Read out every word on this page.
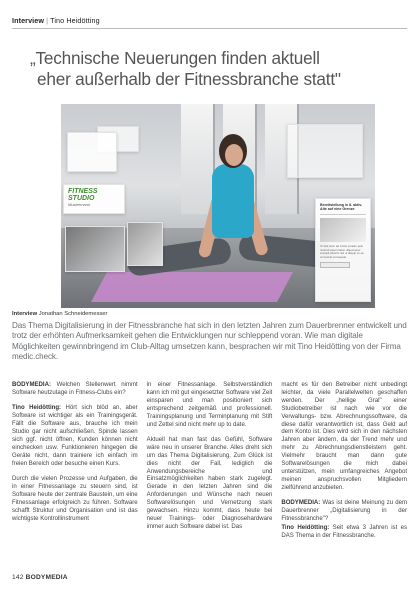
Interview | Tino Heidötting
„Technische Neuerungen finden aktuell
eher außerhalb der Fitnessbranche statt"
FITNESS
STUDIO
Mustermann	Bereitstellung in 8. aktiv. Alte auf eine Grenze
Ut wisi enim ad minim veniam quis nostrud exerci tation ullamcorper suscipit lobortis nisl ut aliquip ex ea commodo consequat.
Interview Jonathan Schneidemesser
Das Thema Digitalisierung in der Fitnessbranche hat sich in den letzten Jahren zum Dauerbrenner entwickelt und trotz der erhöhten Aufmerksamkeit gehen die Entwicklungen nur schleppend voran. Wie man digitale Möglichkeiten gewinnbringend im Club-Alltag umsetzen kann, besprachen wir mit Tino Heidötting von der Firma medic.check.

BODYMEDIA: Welchen Stellenwert nimmt Software heutzutage in Fitness-Clubs ein?

Tino Heidötting: Hört sich blöd an, aber Software ist wichtiger als ein Trainingsgerät. Fällt die Software aus, brauche ich mein Studio gar nicht aufschließen. Spinde lassen sich ggf. nicht öffnen, Kunden können nicht einchecken usw. Funktionieren hingegen die Geräte nicht, dann trainiere ich einfach im freien Bereich oder besuche einen Kurs.

Durch die vielen Prozesse und Aufgaben, die in einer Fitnessanlage zu steuern sind, ist Software heute der zentrale Baustein, um eine Fitnessanlage erfolgreich zu führen. Software schafft Struktur und Organisation und ist das wichtigste Kontrollinstrument

in einer Fitnessanlage. Selbstverständlich kann ich mit gut eingesetzter Software viel Zeit einsparen und man positioniert sich entsprechend zeitgemäß und professionell. Trainingsplanung und Terminplanung mit Stift und Zettel sind nicht mehr up to date.

Aktuell hat man fast das Gefühl, Software wäre neu in unserer Branche. Alles dreht sich um das Thema Digitalisierung. Zum Glück ist dies nicht der Fall, lediglich die Anwendungsbereiche und Einsatzmöglichkeiten haben stark zugelegt. Gerade in den letzten Jahren sind die Anforderungen und Wünsche nach neuen Softwarelösungen und Vernetzung stark gewachsen. Hinzu kommt, dass heute bei neuer Trainings- oder Diagnosehardware immer auch Software dabei ist. Das

macht es für den Betreiber nicht unbedingt leichter, da viele Parallelwelten geschaffen werden. Der „heilige Gral" einer Studiobetreiber ist nach wie vor die Verwaltungs- bzw. Abrechnungssoftware, da diese dafür verantwortlich ist, dass Geld auf dem Konto ist. Dies wird sich in den nächsten Jahren aber ändern, da der Trend mehr und mehr zu Abrechnungsdienstleistern geht. Vielmehr braucht man dann gute Softwarelösungen die mich dabei unterstützen, mein umfangreiches Angebot meinen anspruchsvollen Mitgliedern zielführend anzubieten.

BODYMEDIA: Was ist deine Meinung zu dem Dauerbrenner „Digitalisierung in der Fitnessbranche"?

Tino Heidötting: Seit etwa 3 Jahren ist es DAS Thema in der Fitnessbranche.

142 BODYMEDIA
